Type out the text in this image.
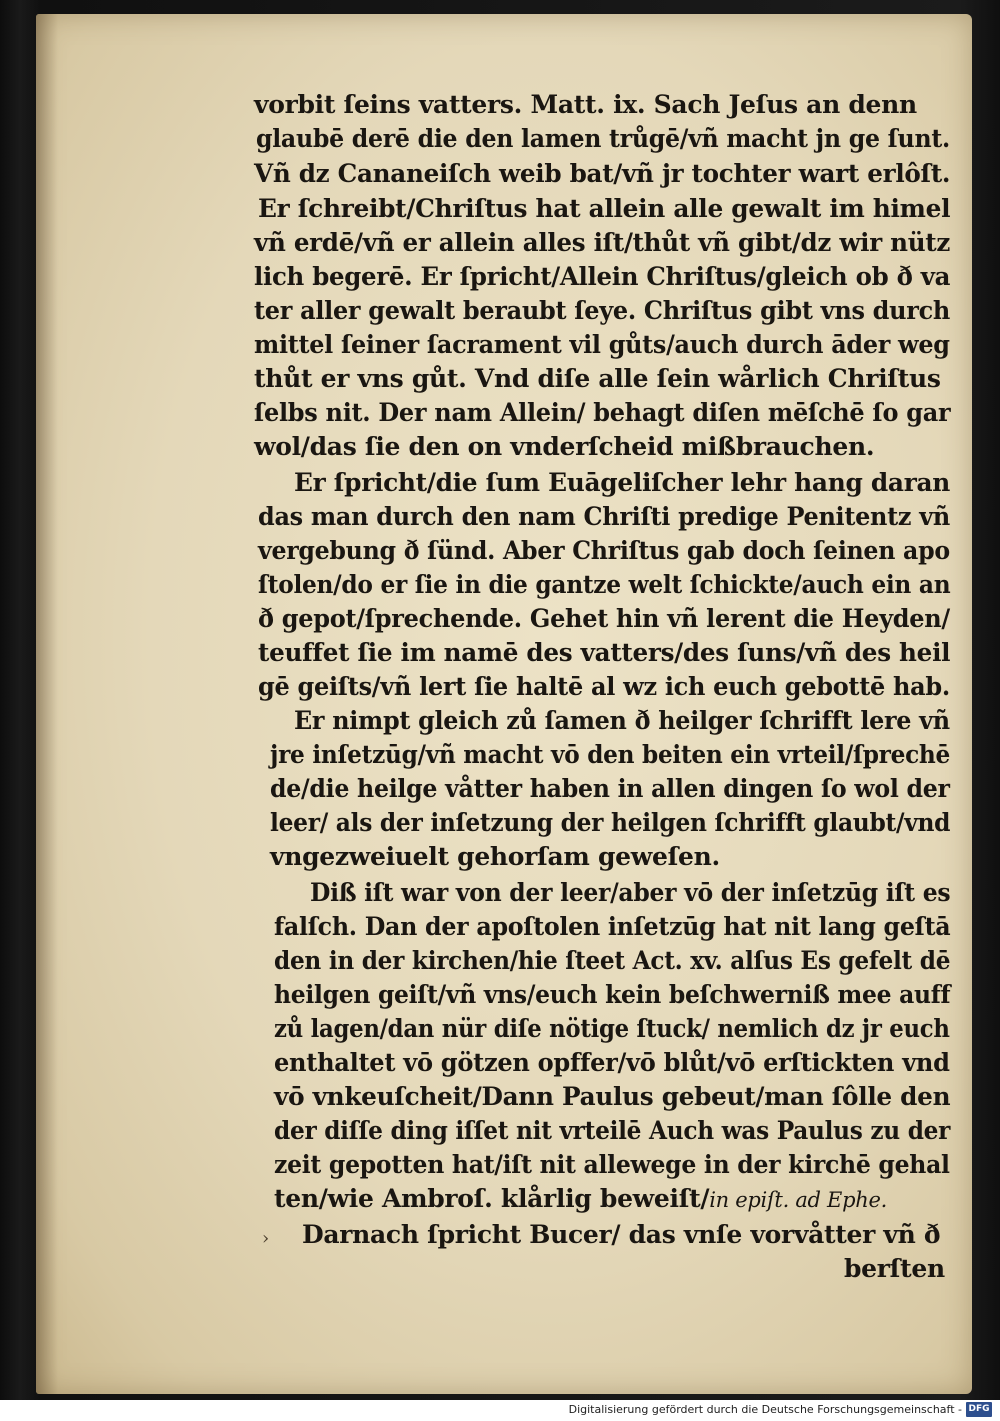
vorbit ſeins vatters. Matt. ix. Sach Jeſus an denn
glaubē derē die den lamen trůgē/vñ macht jn ge ſunt.
Vñ dz Cananeiſch weib bat/vñ jr tochter wart erlôſt.
Er ſchreibt/Chriſtus hat allein alle gewalt im himel
vñ erdē/vñ er allein alles iſt/thůt vñ gibt/dz wir nütz
lich begerē. Er ſpricht/Allein Chriſtus/gleich ob ð va
ter aller gewalt beraubt ſeye. Chriſtus gibt vns durch
mittel ſeiner ſacrament vil gůts/auch durch āder weg
thůt er vns gůt. Vnd diſe alle ſein wårlich Chriſtus
ſelbs nit. Der nam Allein/ behagt diſen mēſchē ſo gar
wol/das ſie den on vnderſcheid mißbrauchen.
Er ſpricht/die ſum Euāgeliſcher lehr hang daran
das man durch den nam Chriſti predige Penitentz vñ
vergebung ð ſünd. Aber Chriſtus gab doch ſeinen apo
ſtolen/do er ſie in die gantze welt ſchickte/auch ein an
ð gepot/ſprechende. Gehet hin vñ lerent die Heyden/
teuffet ſie im namē des vatters/des ſuns/vñ des heil
gē geiſts/vñ lert ſie haltē al wz ich euch gebottē hab.
Er nimpt gleich zů ſamen ð heilger ſchrifft lere vñ
jre inſetzūg/vñ macht vō den beiten ein vrteil/ſprechē
de/die heilge våtter haben in allen dingen ſo wol der
leer/ als der inſetzung der heilgen ſchrifft glaubt/vnd
vngezweiuelt gehorſam geweſen.
Diß iſt war von der leer/aber vō der inſetzūg iſt es
falſch. Dan der apoſtolen inſetzūg hat nit lang geſtā
den in der kirchen/hie ſteet Act. xv. alſus Es gefelt dē
heilgen geiſt/vñ vns/euch kein beſchwerniß mee auff
zů lagen/dan nür diſe nötige ſtuck/ nemlich dz jr euch
enthaltet vō götzen opffer/vō blůt/vō erſtickten vnd
vō vnkeuſcheit/Dann Paulus gebeut/man ſôlle den
der diſſe ding iſſet nit vrteilē Auch was Paulus zu der
zeit gepotten hat/iſt nit allewege in der kirchē gehal
ten/wie Ambroſ. klårlig beweiſt/in epiſt. ad Ephe.
Darnach ſpricht Bucer/ das vnſe vorvåtter vñ ð
berſten
›
Digitalisierung gefördert durch die Deutsche Forschungsgemeinschaft - DFG
